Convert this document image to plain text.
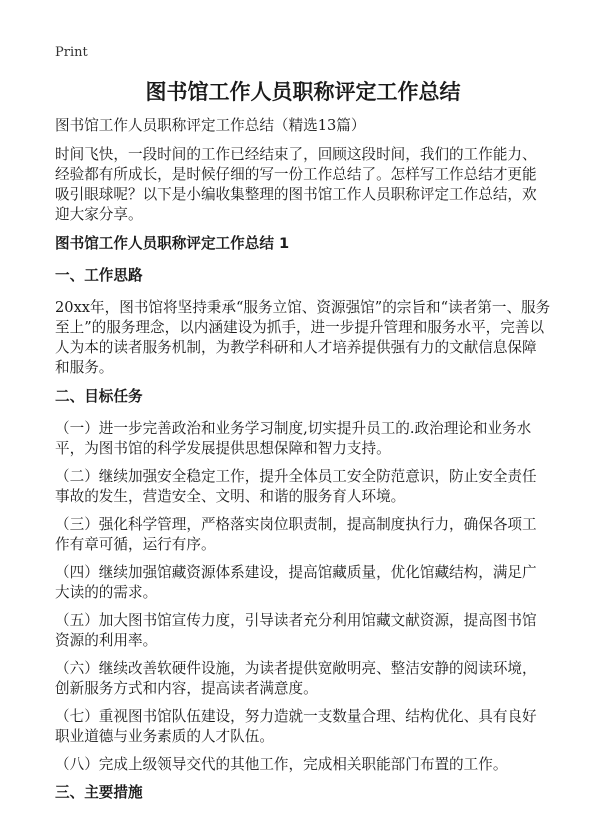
Print
图书馆工作人员职称评定工作总结

图书馆工作人员职称评定工作总结（精选13篇）

时间飞快，一段时间的工作已经结束了，回顾这段时间，我们的工作能力、经验都有所成长，是时候仔细的写一份工作总结了。怎样写工作总结才更能吸引眼球呢？以下是小编收集整理的图书馆工作人员职称评定工作总结，欢迎大家分享。

图书馆工作人员职称评定工作总结 1

一、工作思路

20xx年，图书馆将坚持秉承“服务立馆、资源强馆”的宗旨和“读者第一、服务至上”的服务理念，以内涵建设为抓手，进一步提升管理和服务水平，完善以人为本的读者服务机制，为教学科研和人才培养提供强有力的文献信息保障和服务。

二、目标任务

（一）进一步完善政治和业务学习制度,切实提升员工的.政治理论和业务水平，为图书馆的科学发展提供思想保障和智力支持。

（二）继续加强安全稳定工作，提升全体员工安全防范意识，防止安全责任事故的发生，营造安全、文明、和谐的服务育人环境。

（三）强化科学管理，严格落实岗位职责制，提高制度执行力，确保各项工作有章可循，运行有序。

（四）继续加强馆藏资源体系建设，提高馆藏质量，优化馆藏结构，满足广大读的的需求。

（五）加大图书馆宣传力度，引导读者充分利用馆藏文献资源，提高图书馆资源的利用率。

（六）继续改善软硬件设施，为读者提供宽敞明亮、整洁安静的阅读环境，创新服务方式和内容，提高读者满意度。

（七）重视图书馆队伍建设，努力造就一支数量合理、结构优化、具有良好职业道德与业务素质的人才队伍。

（八）完成上级领导交代的其他工作，完成相关职能部门布置的工作。

三、主要措施
